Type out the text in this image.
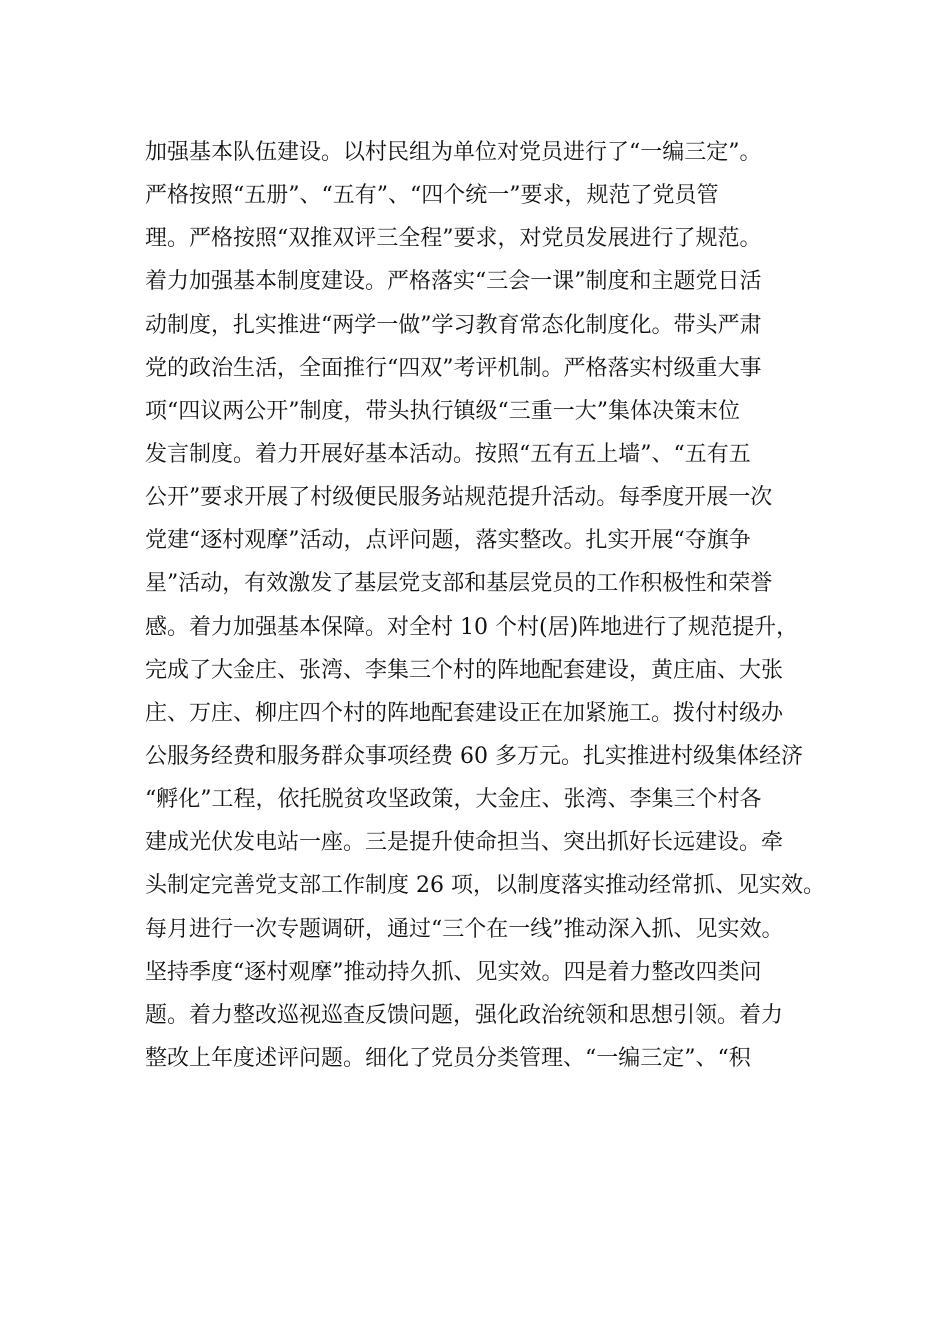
加强基本队伍建设。以村民组为单位对党员进行了“一编三定”。
严格按照“五册”、“五有”、“四个统一”要求，规范了党员管
理。严格按照“双推双评三全程”要求，对党员发展进行了规范。
着力加强基本制度建设。严格落实“三会一课”制度和主题党日活
动制度，扎实推进“两学一做”学习教育常态化制度化。带头严肃
党的政治生活，全面推行“四双”考评机制。严格落实村级重大事
项“四议两公开”制度，带头执行镇级“三重一大”集体决策末位
发言制度。着力开展好基本活动。按照“五有五上墙”、“五有五
公开”要求开展了村级便民服务站规范提升活动。每季度开展一次
党建“逐村观摩”活动，点评问题，落实整改。扎实开展“夺旗争
星”活动，有效激发了基层党支部和基层党员的工作积极性和荣誉
感。着力加强基本保障。对全村 10 个村(居)阵地进行了规范提升，
完成了大金庄、张湾、李集三个村的阵地配套建设，黄庄庙、大张
庄、万庄、柳庄四个村的阵地配套建设正在加紧施工。拨付村级办
公服务经费和服务群众事项经费 60 多万元。扎实推进村级集体经济
“孵化”工程，依托脱贫攻坚政策，大金庄、张湾、李集三个村各
建成光伏发电站一座。三是提升使命担当、突出抓好长远建设。牵
头制定完善党支部工作制度 26 项，以制度落实推动经常抓、见实效。
每月进行一次专题调研，通过“三个在一线”推动深入抓、见实效。
坚持季度“逐村观摩”推动持久抓、见实效。四是着力整改四类问
题。着力整改巡视巡查反馈问题，强化政治统领和思想引领。着力
整改上年度述评问题。细化了党员分类管理、“一编三定”、“积
